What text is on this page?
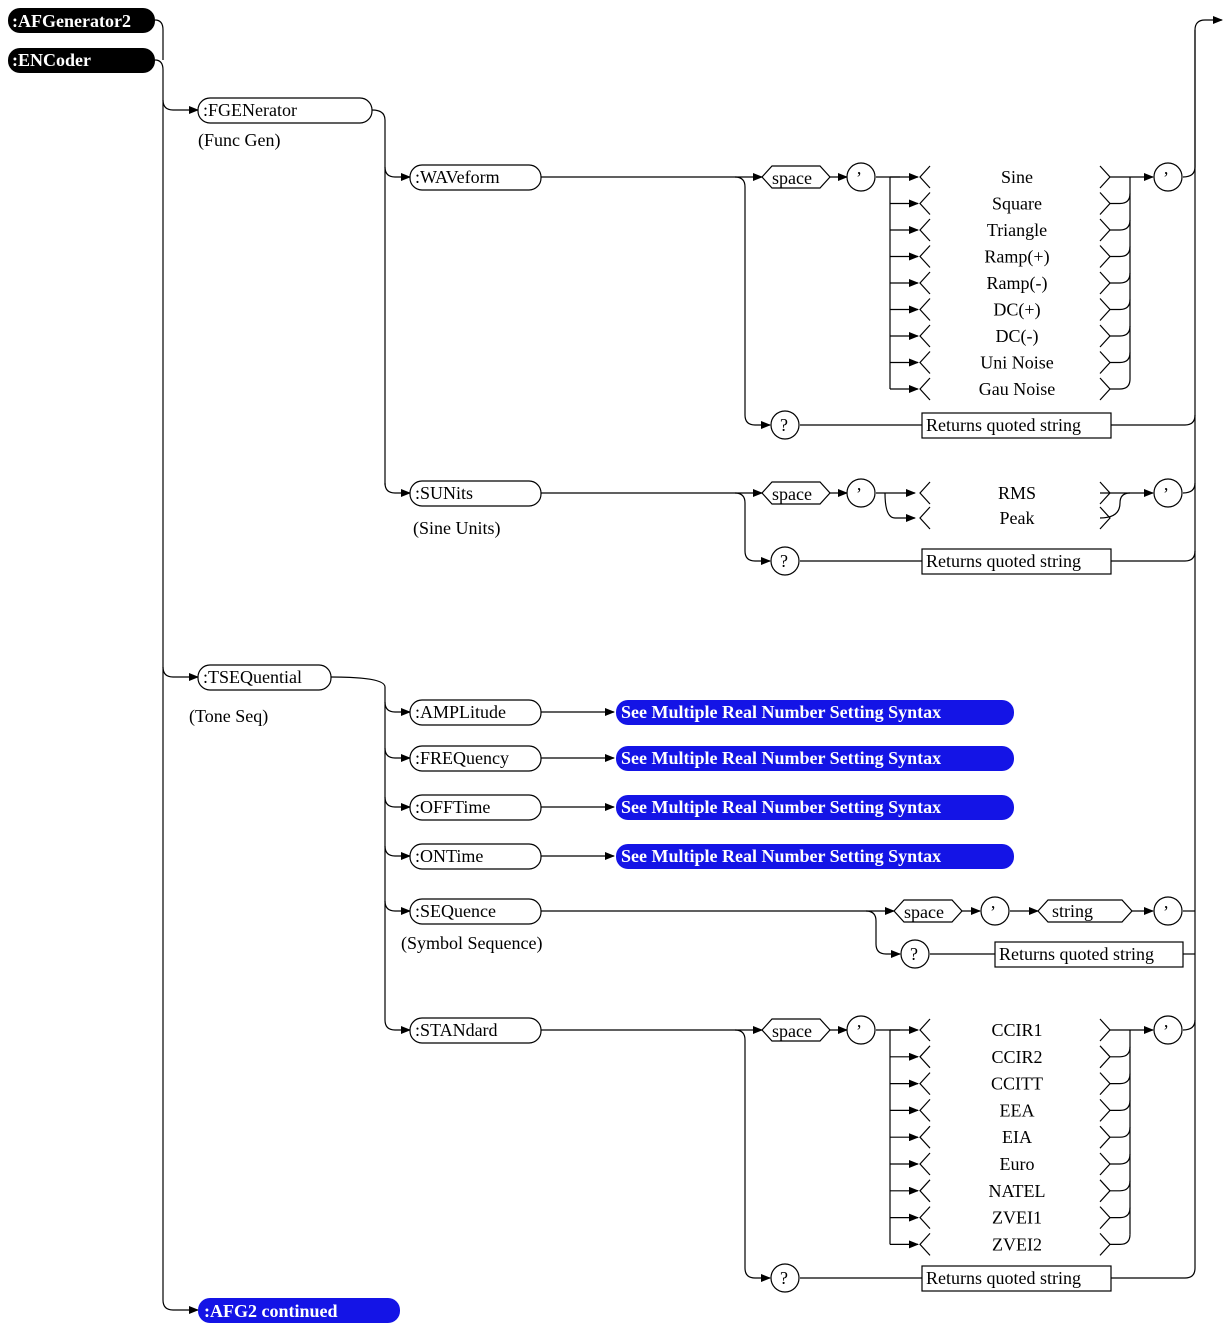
:AFGenerator2
:ENCoder
:AFG2 continued
:FGENerator
(Func Gen)
:WAVeform	space ’	Sine
Square
Triangle
Ramp(+)
Ramp(-)
DC(+)
DC(-)
Uni Noise
Gau Noise
’
?	Returns quoted string
:SUNits
(Sine Units)
space ’	RMS
Peak
’
?	Returns quoted string
:TSEQuential
(Tone Seq)	:AMPLitude	See Multiple Real Number Setting Syntax
:FREQuency	See Multiple Real Number Setting Syntax
:OFFTime	See Multiple Real Number Setting Syntax
:ONTime	See Multiple Real Number Setting Syntax
:SEQuence
(Symbol Sequence)
space	’	string	’
?	Returns quoted string
:STANdard	space ’	CCIR1
CCIR2
CCITT
EEA
EIA
Euro
NATEL
ZVEI1
ZVEI2
’
?	Returns quoted string
